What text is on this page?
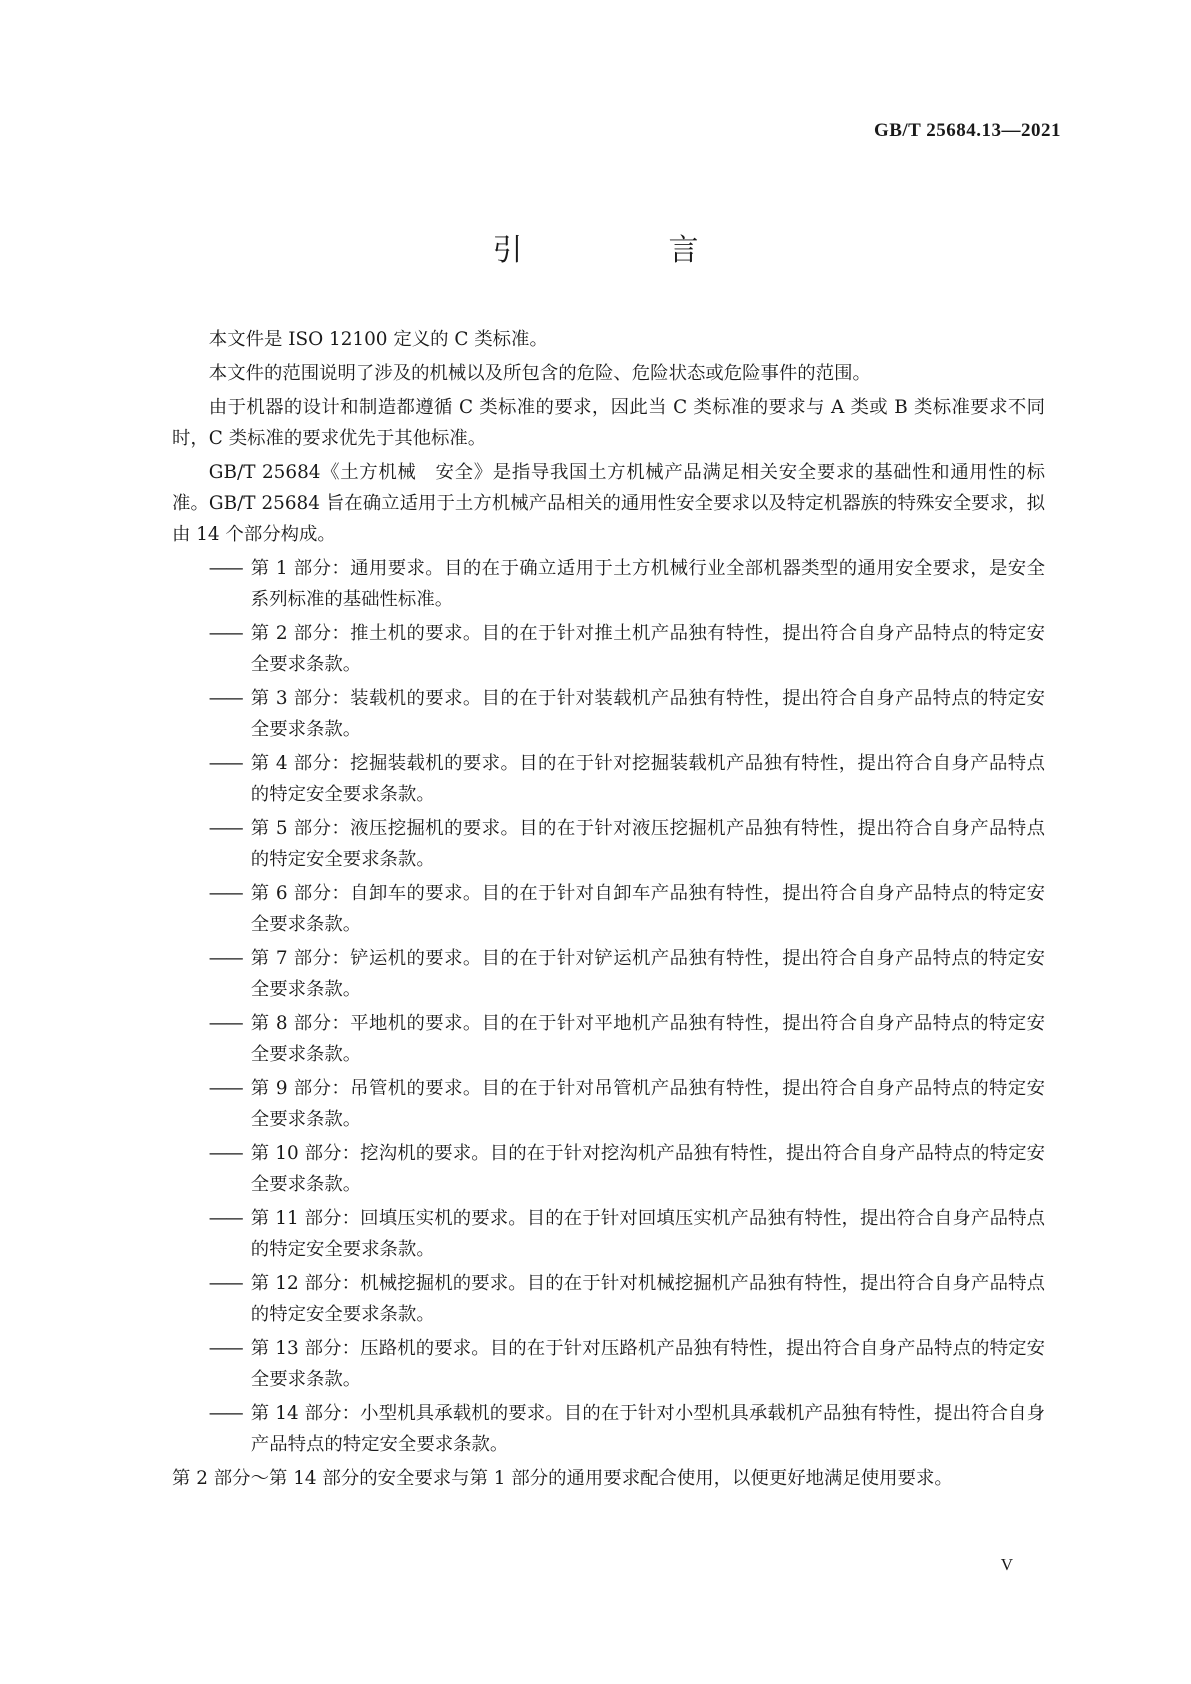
GB/T 25684.13—2021
引　言

本文件是 ISO 12100 定义的 C 类标准。

本文件的范围说明了涉及的机械以及所包含的危险、危险状态或危险事件的范围。

由于机器的设计和制造都遵循 C 类标准的要求，因此当 C 类标准的要求与 A 类或 B 类标准要求不同时，C 类标准的要求优先于其他标准。

GB/T 25684《土方机械　安全》是指导我国土方机械产品满足相关安全要求的基础性和通用性的标准。GB/T 25684 旨在确立适用于土方机械产品相关的通用性安全要求以及特定机器族的特殊安全要求，拟由 14 个部分构成。

—— 第 1 部分：通用要求。目的在于确立适用于土方机械行业全部机器类型的通用安全要求，是安全系列标准的基础性标准。
—— 第 2 部分：推土机的要求。目的在于针对推土机产品独有特性，提出符合自身产品特点的特定安全要求条款。
—— 第 3 部分：装载机的要求。目的在于针对装载机产品独有特性，提出符合自身产品特点的特定安全要求条款。
—— 第 4 部分：挖掘装载机的要求。目的在于针对挖掘装载机产品独有特性，提出符合自身产品特点的特定安全要求条款。
—— 第 5 部分：液压挖掘机的要求。目的在于针对液压挖掘机产品独有特性，提出符合自身产品特点的特定安全要求条款。
—— 第 6 部分：自卸车的要求。目的在于针对自卸车产品独有特性，提出符合自身产品特点的特定安全要求条款。
—— 第 7 部分：铲运机的要求。目的在于针对铲运机产品独有特性，提出符合自身产品特点的特定安全要求条款。
—— 第 8 部分：平地机的要求。目的在于针对平地机产品独有特性，提出符合自身产品特点的特定安全要求条款。
—— 第 9 部分：吊管机的要求。目的在于针对吊管机产品独有特性，提出符合自身产品特点的特定安全要求条款。
—— 第 10 部分：挖沟机的要求。目的在于针对挖沟机产品独有特性，提出符合自身产品特点的特定安全要求条款。
—— 第 11 部分：回填压实机的要求。目的在于针对回填压实机产品独有特性，提出符合自身产品特点的特定安全要求条款。
—— 第 12 部分：机械挖掘机的要求。目的在于针对机械挖掘机产品独有特性，提出符合自身产品特点的特定安全要求条款。
—— 第 13 部分：压路机的要求。目的在于针对压路机产品独有特性，提出符合自身产品特点的特定安全要求条款。
—— 第 14 部分：小型机具承载机的要求。目的在于针对小型机具承载机产品独有特性，提出符合自身产品特点的特定安全要求条款。

第 2 部分～第 14 部分的安全要求与第 1 部分的通用要求配合使用，以便更好地满足使用要求。

V
